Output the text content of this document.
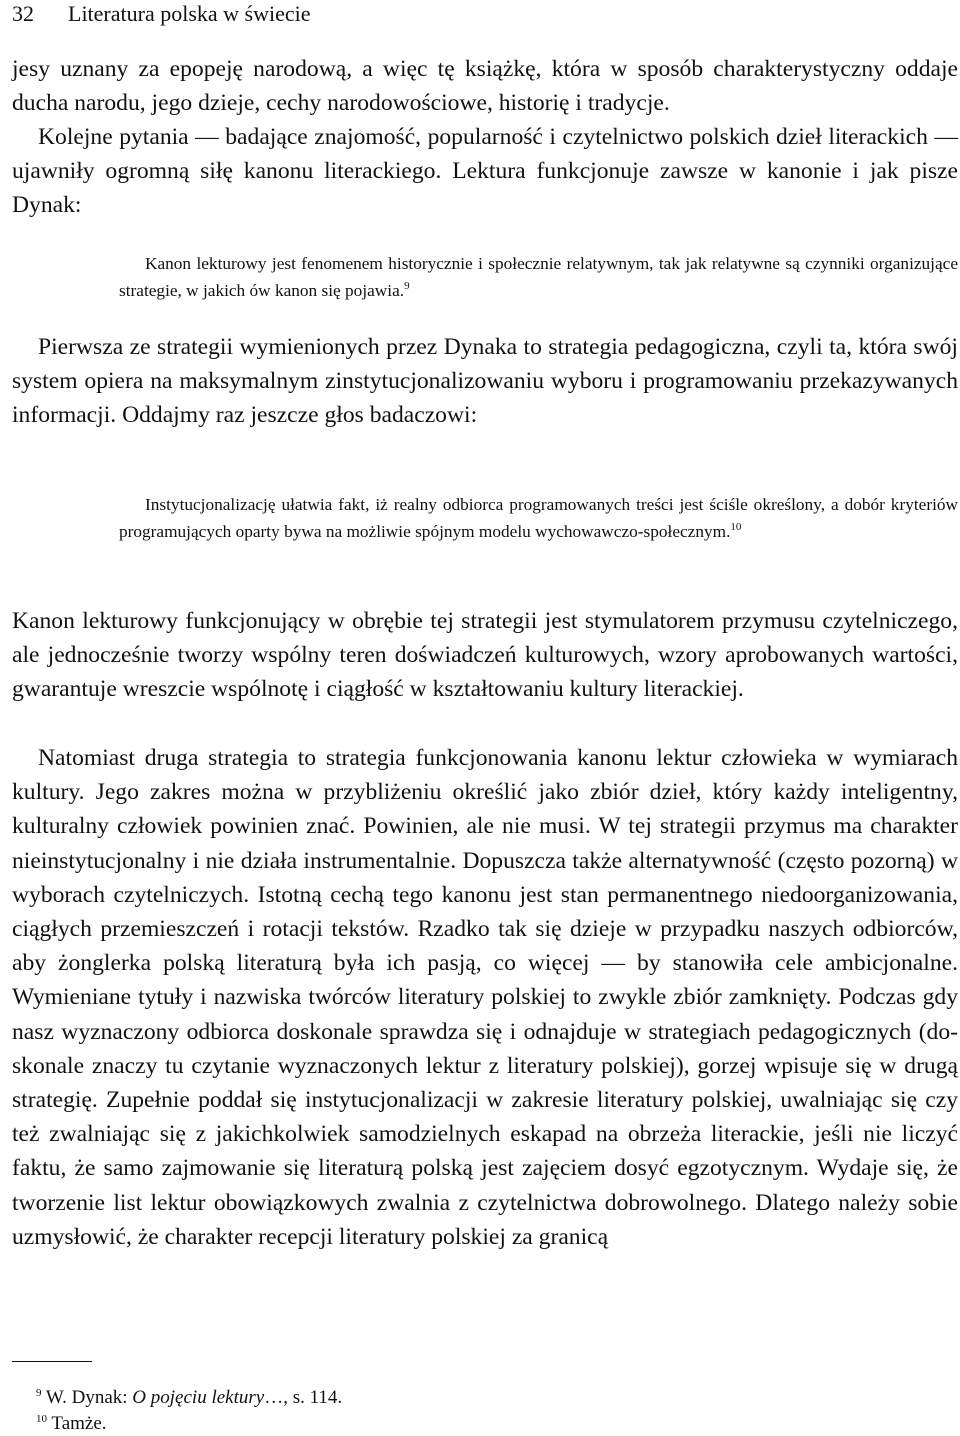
32 Literatura polska w świecie

jesy uznany za epopeję narodową, a więc tę książkę, która w sposób charakterystyczny oddaje ducha narodu, jego dzieje, cechy narodowościowe, historię i tradycje.

Kolejne pytania — badające znajomość, popularność i czytelnictwo polskich dzieł literackich — ujawniły ogromną siłę kanonu literackiego. Lektura funkcjonuje zawsze w kanonie i jak pisze Dynak:

Kanon lekturowy jest fenomenem historycznie i społecznie relatywnym, tak jak relatywne są czynniki organizujące strategie, w jakich ów kanon się pojawia.$^9$

Pierwsza ze strategii wymienionych przez Dynaka to strategia pedagogiczna, czyli ta, która swój system opiera na maksymalnym zinstytucjonalizowaniu wyboru i programowaniu przekazywanych informacji. Oddajmy raz jeszcze głos badaczowi:

Instytucjonalizację ułatwia fakt, iż realny odbiorca programowanych treści jest ściśle określony, a dobór kryteriów programujących oparty bywa na możliwie spójnym modelu wychowawczo-społecznym.$^{10}$

Kanon lekturowy funkcjonujący w obrębie tej strategii jest stymulatorem przymusu czytelniczego, ale jednocześnie tworzy wspólny teren doświadczeń kulturowych, wzory aprobowanych wartości, gwarantuje wreszcie wspólnotę i ciągłość w kształtowaniu kultury literackiej.

Natomiast druga strategia to strategia funkcjonowania kanonu lektur człowieka w wymiarach kultury. Jego zakres można w przybliżeniu określić jako zbiór dzieł, który każdy inteligentny, kulturalny człowiek powinien znać. Powinien, ale nie musi. W tej strategii przymus ma charakter nieinstytucjonalny i nie działa instrumentalnie. Dopuszcza także alternatywność (często pozorną) w wyborach czytelniczych. Istotną cechą tego kanonu jest stan permanentnego niedoorganizowania, ciągłych przemieszczeń i rotacji tekstów. Rzadko tak się dzieje w przypadku naszych odbiorców, aby żonglerka polską literaturą była ich pasją, co więcej — by stanowiła cele ambicjonalne. Wymieniane tytuły i nazwiska twórców literatury polskiej to zwykle zbiór zamknięty. Podczas gdy nasz wyznaczony odbiorca doskonale sprawdza się i odnajduje w strategiach pedagogicznych (doskonale znaczy tu czytanie wyznaczonych lektur z literatury polskiej), gorzej wpisuje się w drugą strategię. Zupełnie poddał się instytucjonalizacji w zakresie literatury polskiej, uwalniając się czy też zwalniając się z jakichkolwiek samodzielnych eskapad na obrzeża literackie, jeśli nie liczyć faktu, że samo zajmowanie się literaturą polską jest zajęciem dosyć egzotycznym. Wydaje się, że tworzenie list lektur obowiązkowych zwalnia z czytelnictwa dobrowolnego. Dlatego należy sobie uzmysłowić, że charakter recepcji literatury polskiej za granicą

$^9$ W. Dynak: O pojęciu lektury…, s. 114.

$^{10}$ Tamże.
